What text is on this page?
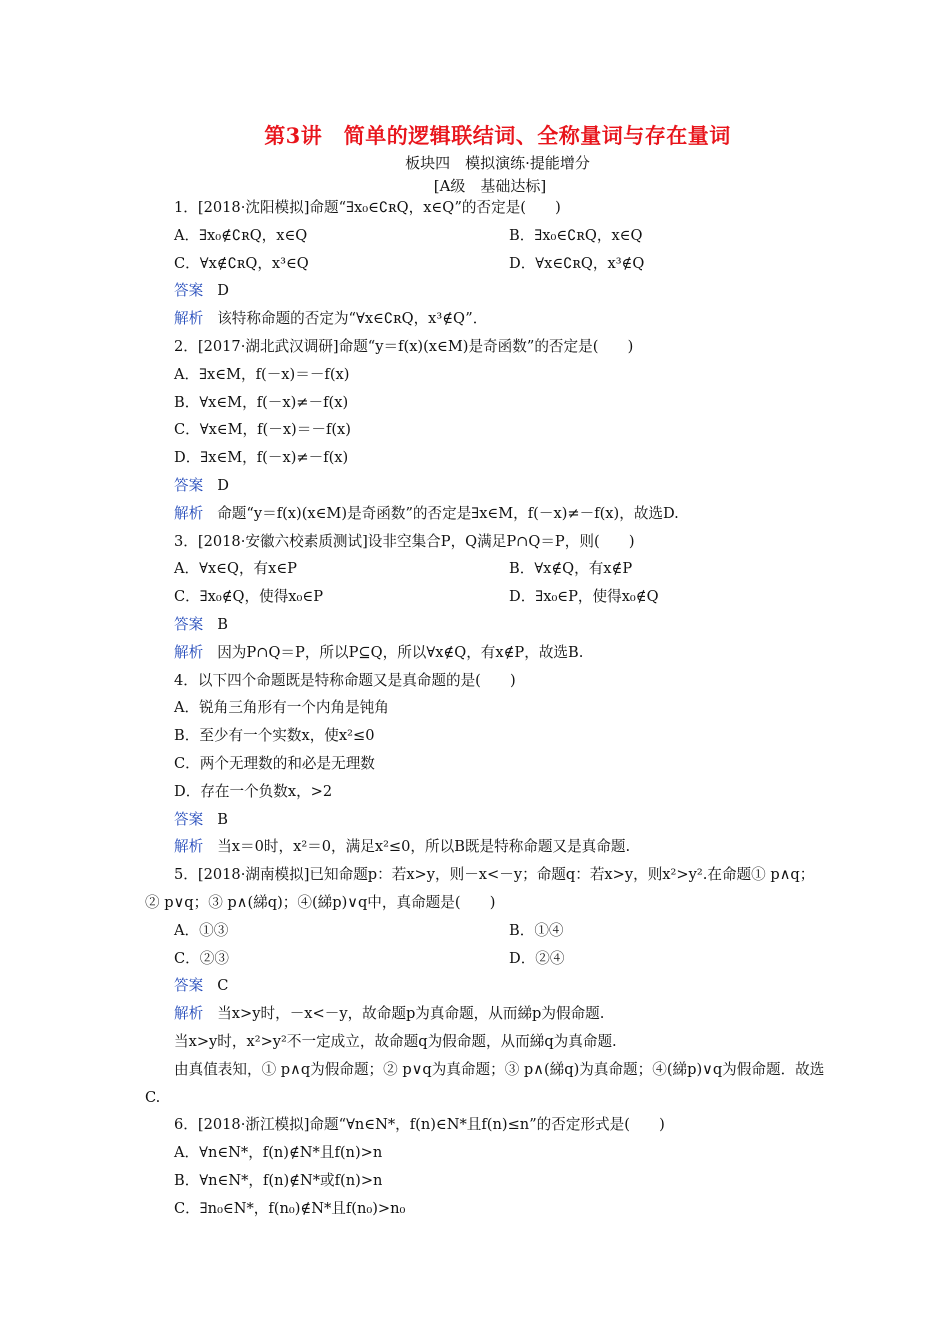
第3讲　简单的逻辑联结词、全称量词与存在量词
板块四　模拟演练·提能增分
[A级　基础达标]
1．[2018·沈阳模拟]命题“∃x₀∈∁ʀQ，x∈Q”的否定是(　　)
A．∃x₀∉∁ʀQ，x∈Q	B．∃x₀∈∁ʀQ，x∈Q
C．∀x∉∁ʀQ，x³∈Q	D．∀x∈∁ʀQ，x³∉Q
答案 D
解析 该特称命题的否定为“∀x∈∁ʀQ，x³∉Q”．
2．[2017·湖北武汉调研]命题“y＝f(x)(x∈M)是奇函数”的否定是(　　)
A．∃x∈M，f(－x)＝－f(x)
B．∀x∈M，f(－x)≠－f(x)
C．∀x∈M，f(－x)＝－f(x)
D．∃x∈M，f(－x)≠－f(x)
答案 D
解析 命题“y＝f(x)(x∈M)是奇函数”的否定是∃x∈M，f(－x)≠－f(x)，故选D.
3．[2018·安徽六校素质测试]设非空集合P，Q满足P∩Q＝P，则(　　)
A．∀x∈Q，有x∈P	B．∀x∉Q，有x∉P
C．∃x₀∉Q，使得x₀∈P	D．∃x₀∈P，使得x₀∉Q
答案 B
解析 因为P∩Q＝P，所以P⊆Q，所以∀x∉Q，有x∉P，故选B.
4．以下四个命题既是特称命题又是真命题的是(　　)
A．锐角三角形有一个内角是钝角
B．至少有一个实数x，使x²≤0
C．两个无理数的和必是无理数
D．存在一个负数x，>2
答案 B
解析 当x＝0时，x²＝0，满足x²≤0，所以B既是特称命题又是真命题.
5．[2018·湖南模拟]已知命题p：若x>y，则－x<－y；命题q：若x>y，则x²>y².在命题① p∧q；② p∨q；③ p∧(綈q)；④(綈p)∨q中，真命题是(　　)
A．①③	B．①④
C．②③	D．②④
答案 C
解析 当x>y时，－x<－y，故命题p为真命题，从而綈p为假命题.
当x>y时，x²>y²不一定成立，故命题q为假命题，从而綈q为真命题.
由真值表知，① p∧q为假命题；② p∨q为真命题；③ p∧(綈q)为真命题；④(綈p)∨q为假命题．故选C.
6．[2018·浙江模拟]命题“∀n∈N*，f(n)∈N*且f(n)≤n”的否定形式是(　　)
A．∀n∈N*，f(n)∉N*且f(n)>n
B．∀n∈N*，f(n)∉N*或f(n)>n
C．∃n₀∈N*，f(n₀)∉N*且f(n₀)>n₀
